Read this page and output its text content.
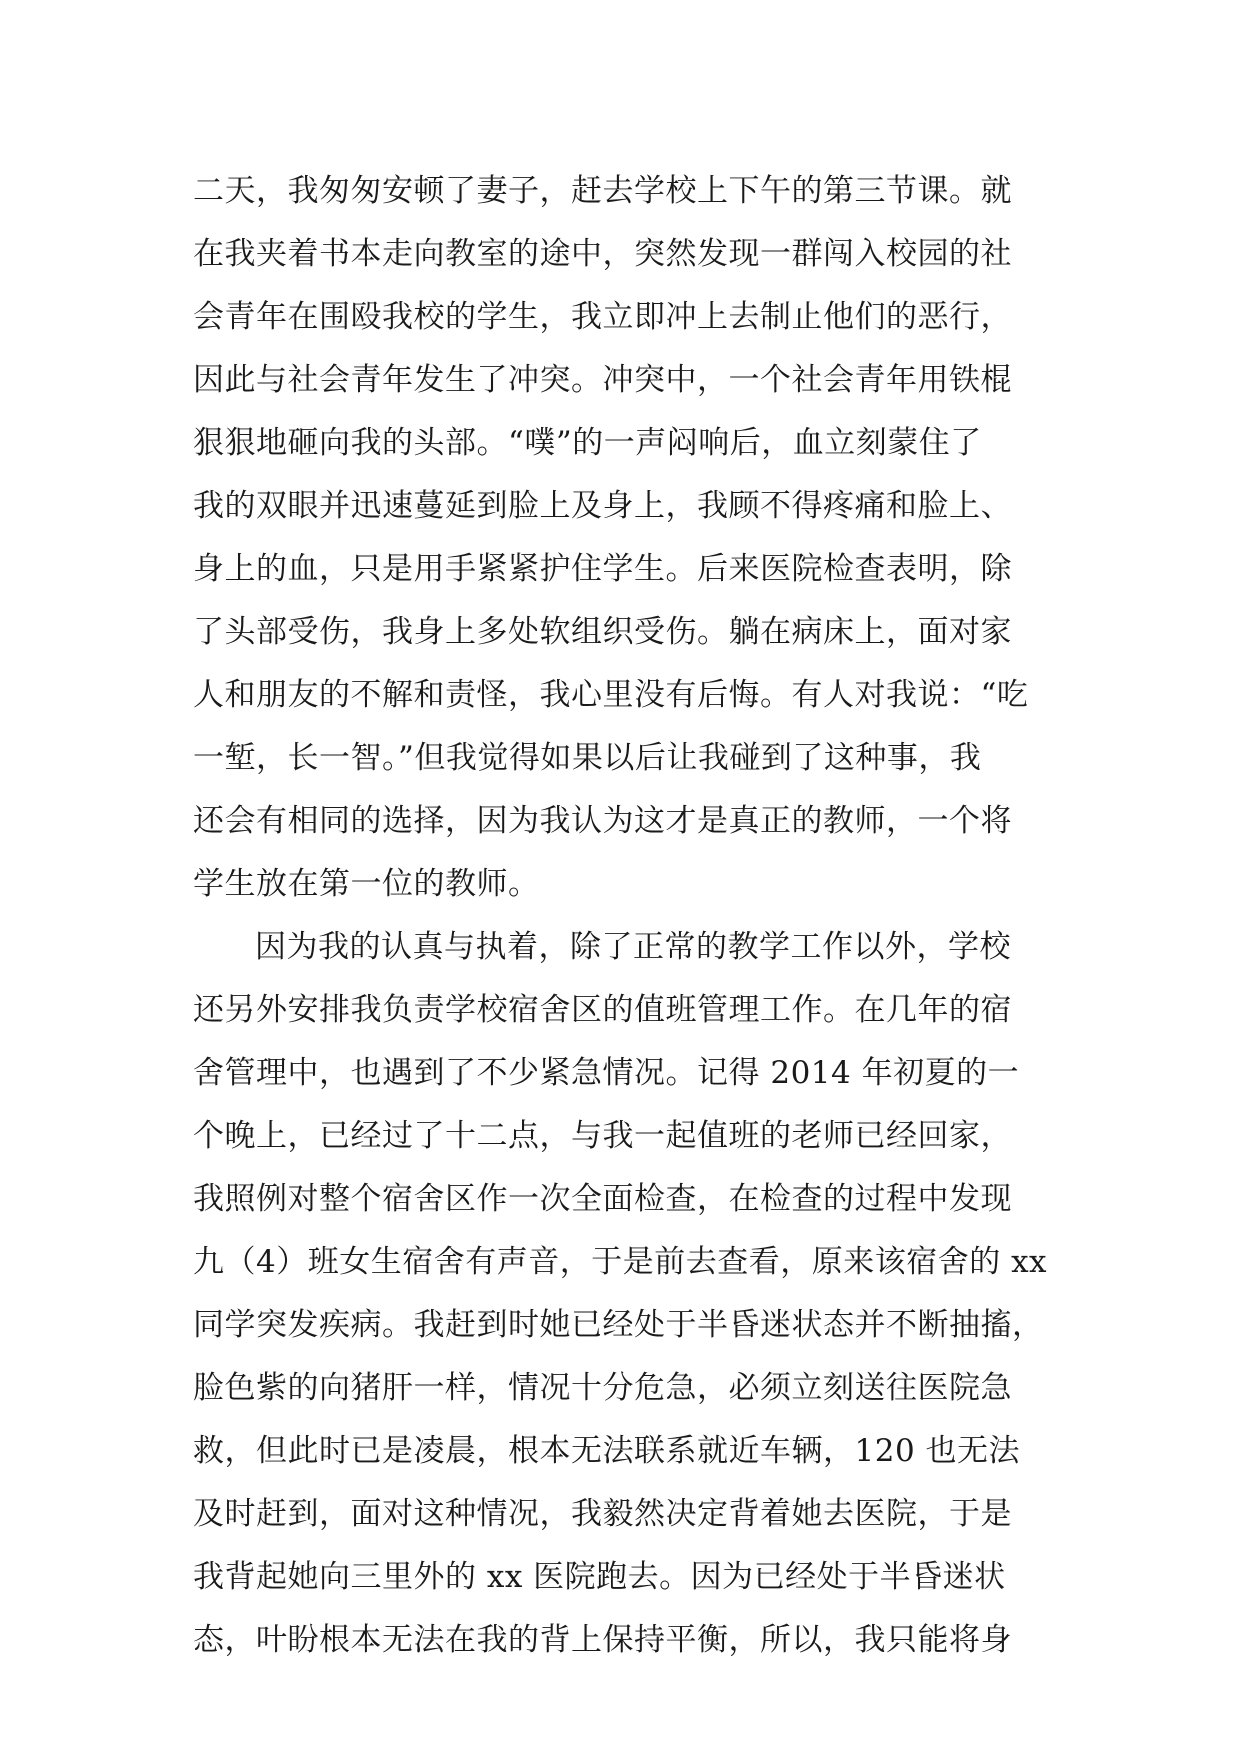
二天，我匆匆安顿了妻子，赶去学校上下午的第三节课。就
在我夹着书本走向教室的途中，突然发现一群闯入校园的社
会青年在围殴我校的学生，我立即冲上去制止他们的恶行，
因此与社会青年发生了冲突。冲突中，一个社会青年用铁棍
狠狠地砸向我的头部。“噗”的一声闷响后，血立刻蒙住了
我的双眼并迅速蔓延到脸上及身上，我顾不得疼痛和脸上、
身上的血，只是用手紧紧护住学生。后来医院检查表明，除
了头部受伤，我身上多处软组织受伤。躺在病床上，面对家
人和朋友的不解和责怪，我心里没有后悔。有人对我说：“吃
一堑，长一智。”但我觉得如果以后让我碰到了这种事，我
还会有相同的选择，因为我认为这才是真正的教师，一个将
学生放在第一位的教师。
因为我的认真与执着，除了正常的教学工作以外，学校
还另外安排我负责学校宿舍区的值班管理工作。在几年的宿
舍管理中，也遇到了不少紧急情况。记得 2014 年初夏的一
个晚上，已经过了十二点，与我一起值班的老师已经回家，
我照例对整个宿舍区作一次全面检查，在检查的过程中发现
九（4）班女生宿舍有声音，于是前去查看，原来该宿舍的 xx
同学突发疾病。我赶到时她已经处于半昏迷状态并不断抽搐，
脸色紫的向猪肝一样，情况十分危急，必须立刻送往医院急
救，但此时已是凌晨，根本无法联系就近车辆，120 也无法
及时赶到，面对这种情况，我毅然决定背着她去医院，于是
我背起她向三里外的 xx 医院跑去。因为已经处于半昏迷状
态，叶盼根本无法在我的背上保持平衡，所以，我只能将身
